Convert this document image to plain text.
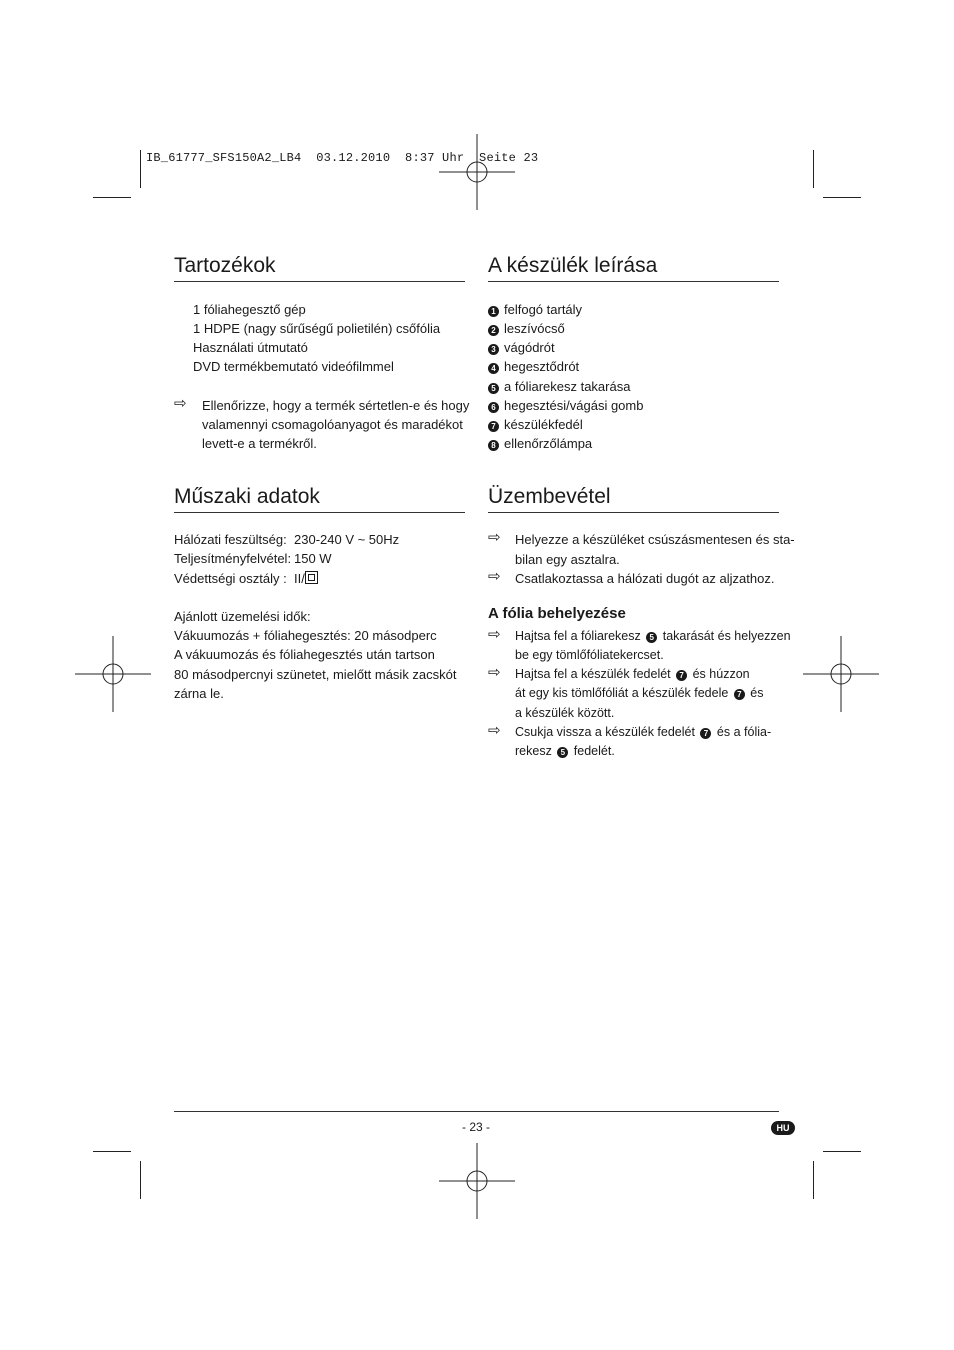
IB_61777_SFS150A2_LB4  03.12.2010  8:37 Uhr  Seite 23
Tartozékok
1 fóliahegesztő gép
1 HDPE (nagy sűrűségű polietilén) csőfólia
Használati útmutató
DVD termékbemutató videófilmmel
⇨ Ellenőrizze, hogy a termék sértetlen-e és hogy
valamennyi csomagolóanyagot és maradékot
levett-e a termékről.
A készülék leírása
1 felfogó tartály
2 leszívócső
3 vágódrót
4 hegesztődrót
5 a fóliarekesz takarása
6 hegesztési/vágási gomb
7 készülékfedél
8 ellenőrzőlámpa
Műszaki adatok
Hálózati feszültség: 230-240 V ~ 50Hz
Teljesítményfelvétel: 150 W
Védettségi osztály : II/
Ajánlott üzemelési idők:
Vákuumozás + fóliahegesztés: 20 másodperc
A vákuumozás és fóliahegesztés után tartson
80 másodpercnyi szünetet, mielőtt másik zacskót
zárna le.
Üzembevétel
⇨ Helyezze a készüléket csúszásmentesen és sta-
bilan egy asztalra.
⇨ Csatlakoztassa a hálózati dugót az aljzathoz.
A fólia behelyezése
⇨ Hajtsa fel a fóliarekesz 5 takarását és helyezzen
be egy tömlőfóliatekercset.
⇨ Hajtsa fel a készülék fedelét 7 és húzzon
át egy kis tömlőfóliát a készülék fedele 7 és
a készülék között.
⇨ Csukja vissza a készülék fedelét 7 és a fólia-
rekesz 5 fedelét.
- 23 -	HU
